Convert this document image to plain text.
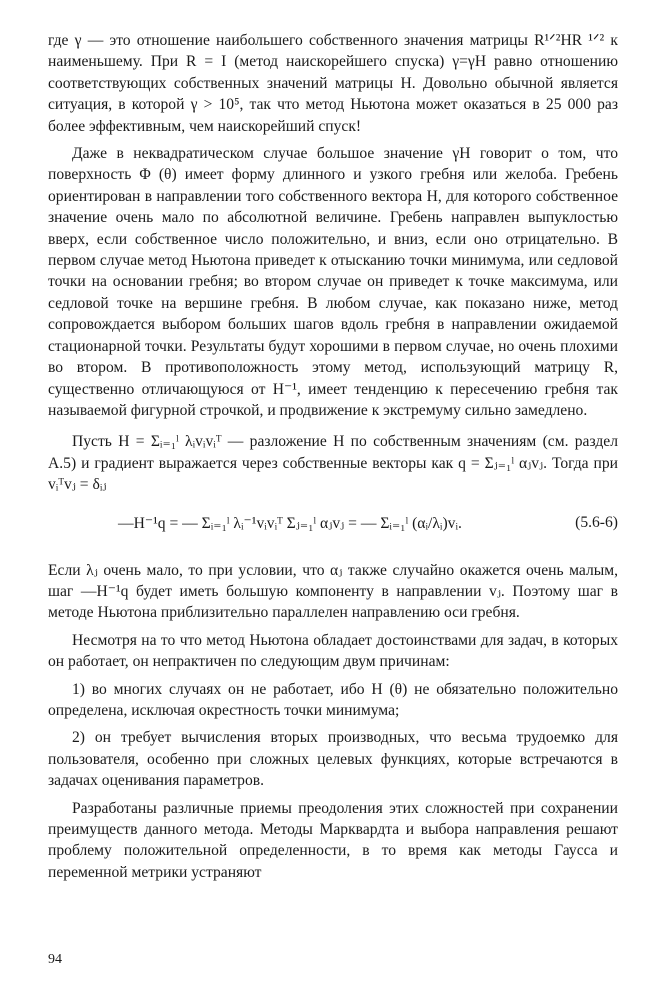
где γ — это отношение наибольшего собственного значения матрицы R¹ᐟ²HR ¹ᐟ² к наименьшему. При R = I (метод наискорейшего спуска) γ=γH равно отношению соответствующих собственных значений матрицы H. Довольно обычной является ситуация, в которой γ > 10⁵, так что метод Ньютона может оказаться в 25 000 раз более эффективным, чем наискорейший спуск!

Даже в неквадратическом случае большое значение γH говорит о том, что поверхность Φ (θ) имеет форму длинного и узкого гребня или желоба. Гребень ориентирован в направлении того собственного вектора H, для которого собственное значение очень мало по абсолютной величине. Гребень направлен выпуклостью вверх, если собственное число положительно, и вниз, если оно отрицательно. В первом случае метод Ньютона приведет к отысканию точки минимума, или седловой точки на основании гребня; во втором случае он приведет к точке максимума, или седловой точке на вершине гребня. В любом случае, как показано ниже, метод сопровождается выбором больших шагов вдоль гребня в направлении ожидаемой стационарной точки. Результаты будут хорошими в первом случае, но очень плохими во втором. В противоположность этому метод, использующий матрицу R, существенно отличающуюся от H⁻¹, имеет тенденцию к пересечению гребня так называемой фигурной строчкой, и продвижение к экстремуму сильно замедлено.

Пусть H = Σᵢ₌₁ˡ λᵢvᵢvᵢᵀ — разложение H по собственным значениям (см. раздел А.5) и градиент выражается через собственные векторы как q = Σⱼ₌₁ˡ αⱼvⱼ. Тогда при vᵢᵀvⱼ = δᵢⱼ

—H⁻¹q = — Σᵢ₌₁ˡ λᵢ⁻¹vᵢvᵢᵀ Σⱼ₌₁ˡ αⱼvⱼ = — Σᵢ₌₁ˡ (αᵢ/λᵢ)vᵢ.	(5.6-6)

Если λⱼ очень мало, то при условии, что αⱼ также случайно окажется очень малым, шаг —H⁻¹q будет иметь большую компоненту в направлении vⱼ. Поэтому шаг в методе Ньютона приблизительно параллелен направлению оси гребня.

Несмотря на то что метод Ньютона обладает достоинствами для задач, в которых он работает, он непрактичен по следующим двум причинам:

1) во многих случаях он не работает, ибо H (θ) не обязательно положительно определена, исключая окрестность точки минимума;

2) он требует вычисления вторых производных, что весьма трудоемко для пользователя, особенно при сложных целевых функциях, которые встречаются в задачах оценивания параметров.

Разработаны различные приемы преодоления этих сложностей при сохранении преимуществ данного метода. Методы Марквардта и выбора направления решают проблему положительной определенности, в то время как методы Гаусса и переменной метрики устраняют

94
